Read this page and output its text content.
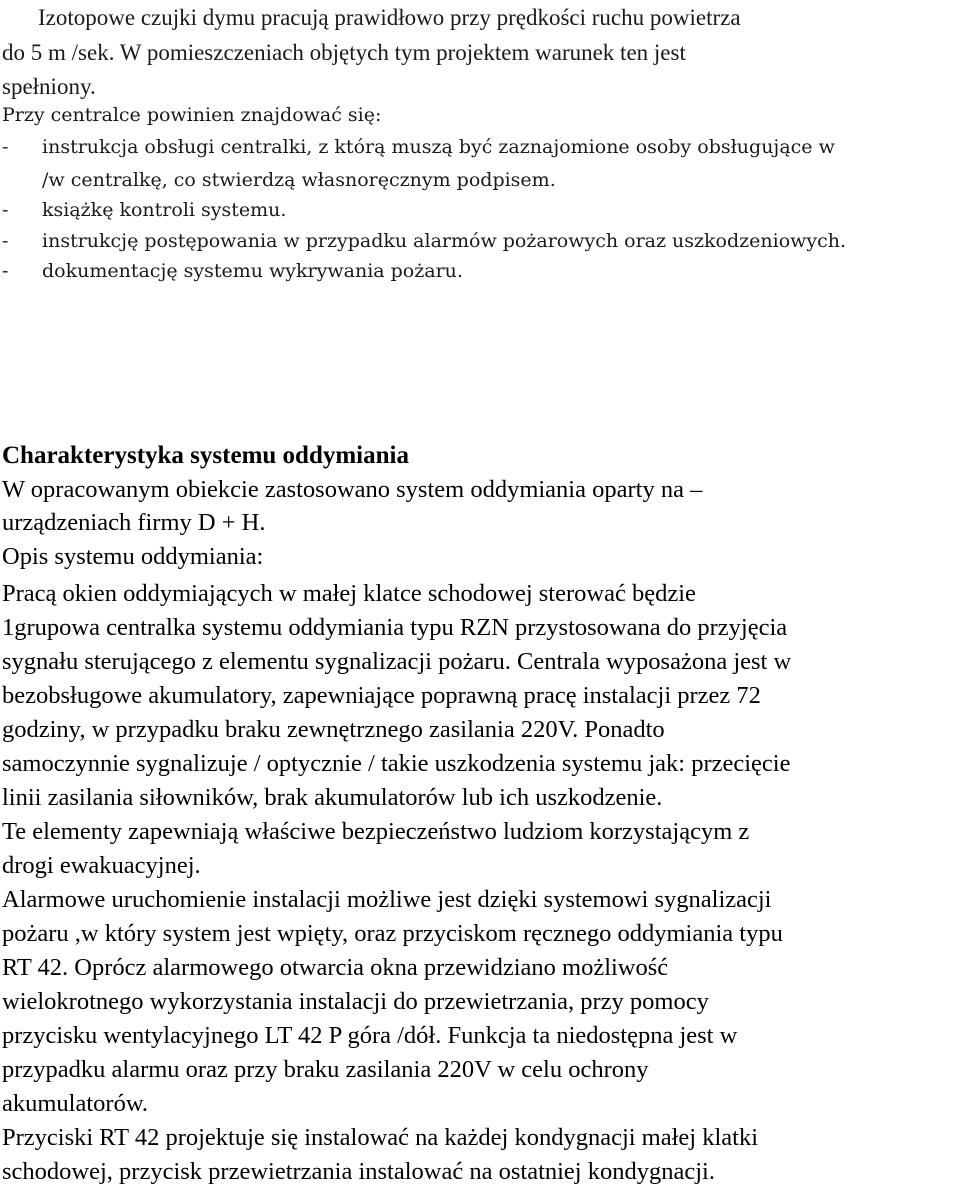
Izotopowe czujki dymu pracują prawidłowo przy prędkości ruchu powietrza
do 5 m /sek. W pomieszczeniach objętych tym projektem warunek ten jest
spełniony.
Przy centralce powinien znajdować się:
- instrukcja obsługi centralki, z którą muszą być zaznajomione osoby obsługujące w
/w centralkę, co stwierdzą własnoręcznym podpisem.
- książkę kontroli systemu.
- instrukcję postępowania w przypadku alarmów pożarowych oraz uszkodzeniowych.
- dokumentację systemu wykrywania pożaru.
Charakterystyka systemu oddymiania
W opracowanym obiekcie zastosowano system oddymiania oparty na –
urządzeniach firmy D + H.
Opis systemu oddymiania:
Pracą okien oddymiających w małej klatce schodowej sterować będzie
1grupowa centralka systemu oddymiania typu RZN przystosowana do przyjęcia
sygnału sterującego z elementu sygnalizacji pożaru. Centrala wyposażona jest w
bezobsługowe akumulatory, zapewniające poprawną pracę instalacji przez 72
godziny, w przypadku braku zewnętrznego zasilania 220V. Ponadto
samoczynnie sygnalizuje / optycznie / takie uszkodzenia systemu jak: przecięcie
linii zasilania siłowników, brak akumulatorów lub ich uszkodzenie.
Te elementy zapewniają właściwe bezpieczeństwo ludziom korzystającym z
drogi ewakuacyjnej.
Alarmowe uruchomienie instalacji możliwe jest dzięki systemowi sygnalizacji
pożaru ,w który system jest wpięty, oraz przyciskom ręcznego oddymiania typu
RT 42. Oprócz alarmowego otwarcia okna przewidziano możliwość
wielokrotnego wykorzystania instalacji do przewietrzania, przy pomocy
przycisku wentylacyjnego LT 42 P góra /dół. Funkcja ta niedostępna jest w
przypadku alarmu oraz przy braku zasilania 220V w celu ochrony
akumulatorów.
Przyciski RT 42 projektuje się instalować na każdej kondygnacji małej klatki
schodowej, przycisk przewietrzania instalować na ostatniej kondygnacji.
